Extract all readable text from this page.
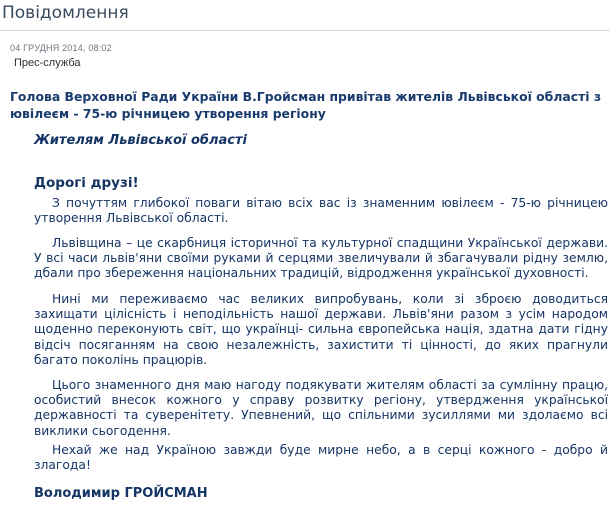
Повідомлення
04 ГРУДНЯ 2014, 08:02
Прес-служба
Голова Верховної Ради України В.Гройсман привітав жителів Львівської області з ювілеєм - 75-ю річницею утворення регіону
Жителям Львівської області
Дорогі друзі!
З почуттям глибокої поваги вітаю всіх вас із знаменним ювілеєм - 75-ю річницею утворення Львівської області.
Львівщина – це скарбниця історичної та культурної спадщини Української держави. У всі часи львів'яни своїми руками й серцями звеличували й збагачували рідну землю, дбали про збереження національних традицій, відродження української духовності.
Нині ми переживаємо час великих випробувань, коли зі зброєю доводиться захищати цілісність і неподільність нашої держави. Львів'яни разом з усім народом щоденно переконують світ, що українці- сильна європейська нація, здатна дати гідну відсіч посяганням на свою незалежність, захистити ті цінності, до яких прагнули багато поколінь працюрів.
Цього знаменного дня маю нагоду подякувати жителям області за сумлінну працю, особистий внесок кожного у справу розвитку регіону, утвердження української державності та суверенітету. Упевнений, що спільними зусиллями ми здолаємо всі виклики сьогодення.
Нехай же над Україною завжди буде мирне небо, а в серці кожного - добро й злагода!
Володимир ГРОЙСМАН
